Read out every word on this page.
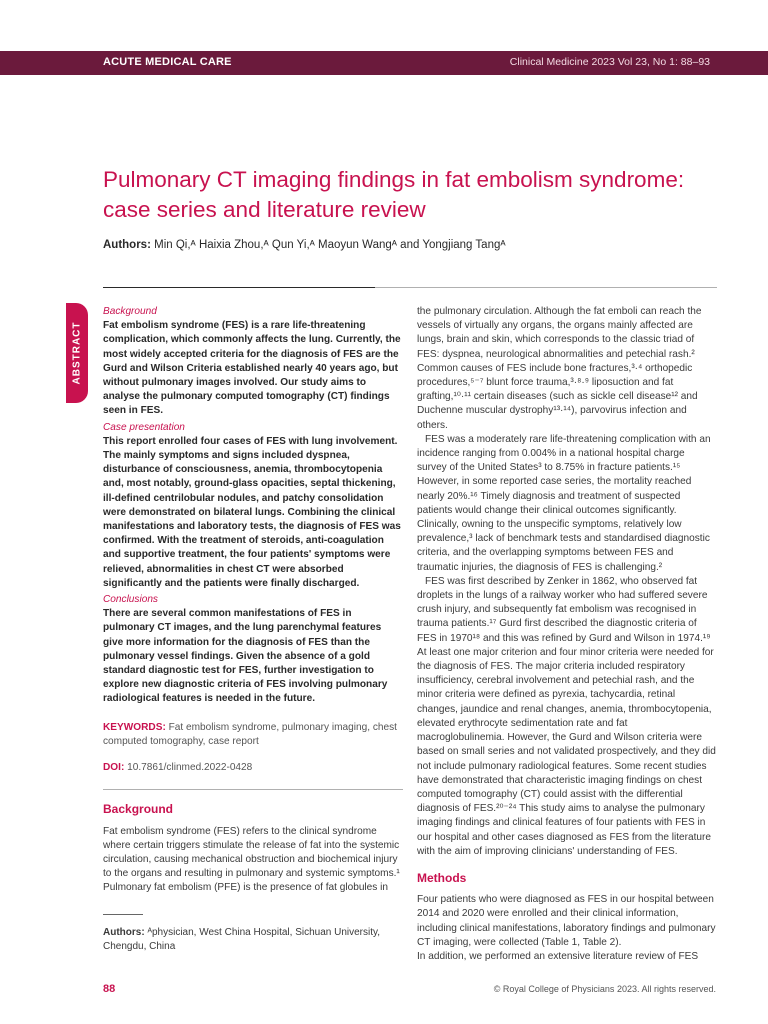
ACUTE MEDICAL CARE	Clinical Medicine 2023 Vol 23, No 1: 88–93
Pulmonary CT imaging findings in fat embolism syndrome: case series and literature review
Authors: Min Qi,ᴬ Haixia Zhou,ᴬ Qun Yi,ᴬ Maoyun Wangᴬ and Yongjiang Tangᴬ
ABSTRACT

Background

Fat embolism syndrome (FES) is a rare life-threatening complication, which commonly affects the lung. Currently, the most widely accepted criteria for the diagnosis of FES are the Gurd and Wilson Criteria established nearly 40 years ago, but without pulmonary images involved. Our study aims to analyse the pulmonary computed tomography (CT) findings seen in FES.

Case presentation

This report enrolled four cases of FES with lung involvement. The mainly symptoms and signs included dyspnea, disturbance of consciousness, anemia, thrombocytopenia and, most notably, ground-glass opacities, septal thickening, ill-defined centrilobular nodules, and patchy consolidation were demonstrated on bilateral lungs. Combining the clinical manifestations and laboratory tests, the diagnosis of FES was confirmed. With the treatment of steroids, anti-coagulation and supportive treatment, the four patients' symptoms were relieved, abnormalities in chest CT were absorbed significantly and the patients were finally discharged.

Conclusions

There are several common manifestations of FES in pulmonary CT images, and the lung parenchymal features give more information for the diagnosis of FES than the pulmonary vessel findings. Given the absence of a gold standard diagnostic test for FES, further investigation to explore new diagnostic criteria of FES involving pulmonary radiological features is needed in the future.

KEYWORDS: Fat embolism syndrome, pulmonary imaging, chest computed tomography, case report
DOI: 10.7861/clinmed.2022-0428
Background

Fat embolism syndrome (FES) refers to the clinical syndrome where certain triggers stimulate the release of fat into the systemic circulation, causing mechanical obstruction and biochemical injury to the organs and resulting in pulmonary and systemic symptoms.¹ Pulmonary fat embolism (PFE) is the presence of fat globules in

the pulmonary circulation. Although the fat emboli can reach the vessels of virtually any organs, the organs mainly affected are lungs, brain and skin, which corresponds to the classic triad of FES: dyspnea, neurological abnormalities and petechial rash.² Common causes of FES include bone fractures,³·⁴ orthopedic procedures,⁵⁻⁷ blunt force trauma,³·⁸·⁹ liposuction and fat grafting,¹⁰·¹¹ certain diseases (such as sickle cell disease¹² and Duchenne muscular dystrophy¹³·¹⁴), parvovirus infection and others.

FES was a moderately rare life-threatening complication with an incidence ranging from 0.004% in a national hospital charge survey of the United States³ to 8.75% in fracture patients.¹⁵ However, in some reported case series, the mortality reached nearly 20%.¹⁶ Timely diagnosis and treatment of suspected patients would change their clinical outcomes significantly. Clinically, owning to the unspecific symptoms, relatively low prevalence,³ lack of benchmark tests and standardised diagnostic criteria, and the overlapping symptoms between FES and traumatic injuries, the diagnosis of FES is challenging.²

FES was first described by Zenker in 1862, who observed fat droplets in the lungs of a railway worker who had suffered severe crush injury, and subsequently fat embolism was recognised in trauma patients.¹⁷ Gurd first described the diagnostic criteria of FES in 1970¹⁸ and this was refined by Gurd and Wilson in 1974.¹⁹ At least one major criterion and four minor criteria were needed for the diagnosis of FES. The major criteria included respiratory insufficiency, cerebral involvement and petechial rash, and the minor criteria were defined as pyrexia, tachycardia, retinal changes, jaundice and renal changes, anemia, thrombocytopenia, elevated erythrocyte sedimentation rate and fat macroglobulinemia. However, the Gurd and Wilson criteria were based on small series and not validated prospectively, and they did not include pulmonary radiological features. Some recent studies have demonstrated that characteristic imaging findings on chest computed tomography (CT) could assist with the differential diagnosis of FES.²⁰⁻²⁴ This study aims to analyse the pulmonary imaging findings and clinical features of four patients with FES in our hospital and other cases diagnosed as FES from the literature with the aim of improving clinicians' understanding of FES.

Methods

Four patients who were diagnosed as FES in our hospital between 2014 and 2020 were enrolled and their clinical information, including clinical manifestations, laboratory findings and pulmonary CT imaging, were collected (Table 1, Table 2).

In addition, we performed an extensive literature review of FES

Authors: ᴬphysician, West China Hospital, Sichuan University, Chengdu, China
88	© Royal College of Physicians 2023. All rights reserved.
